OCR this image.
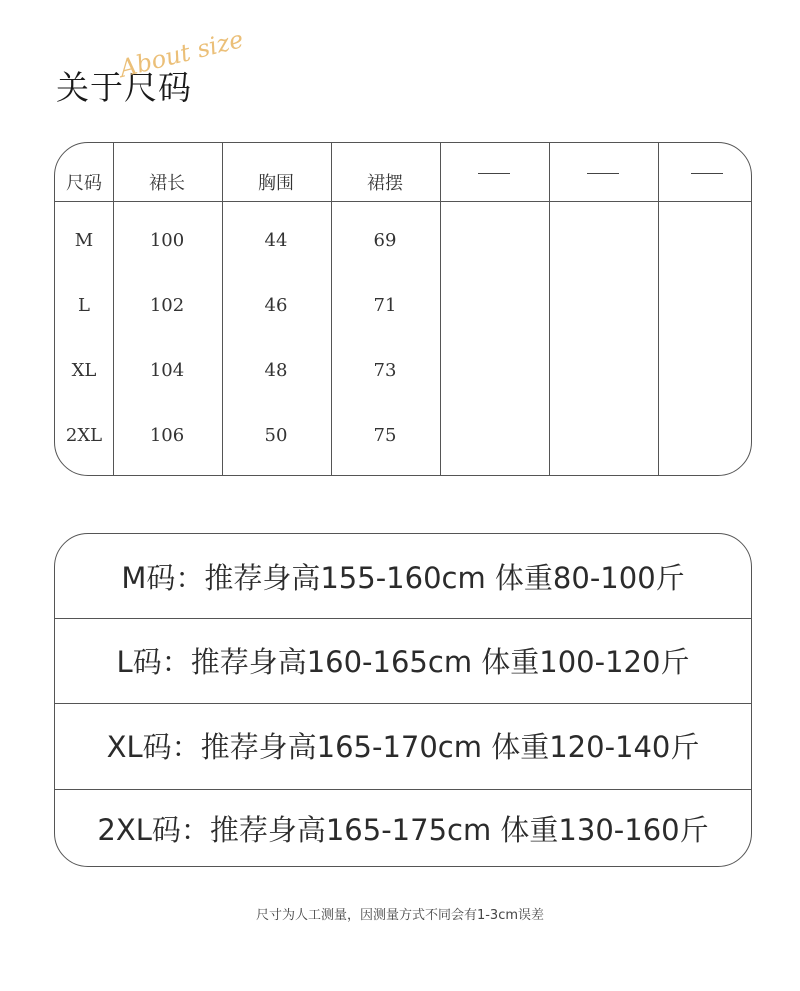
关于尺码
About size
尺码	裙长	胸围	裙摆
M	100	44	69
L	102	46	71
XL	104	48	73
2XL	106	50	75
M码：推荐身高155-160cm 体重80-100斤
L码：推荐身高160-165cm 体重100-120斤
XL码：推荐身高165-170cm 体重120-140斤
2XL码：推荐身高165-175cm 体重130-160斤
尺寸为人工测量，因测量方式不同会有1-3cm误差
